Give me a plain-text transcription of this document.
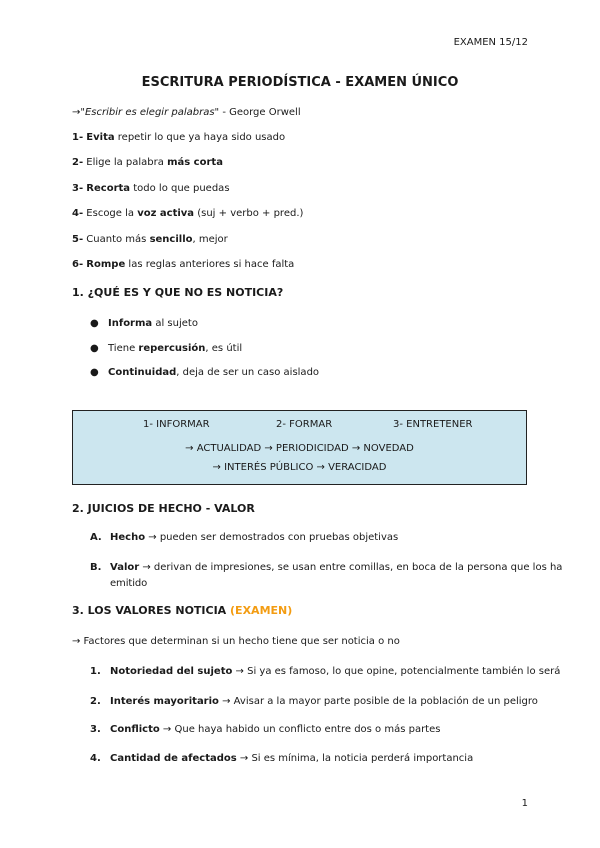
EXAMEN 15/12
ESCRITURA PERIODÍSTICA - EXAMEN ÚNICO
→"Escribir es elegir palabras" - George Orwell
1- Evita repetir lo que ya haya sido usado
2- Elige la palabra más corta
3- Recorta todo lo que puedas
4- Escoge la voz activa (suj + verbo + pred.)
5- Cuanto más sencillo, mejor
6- Rompe las reglas anteriores si hace falta
1. ¿QUÉ ES Y QUE NO ES NOTICIA?
● Informa al sujeto
● Tiene repercusión, es útil
● Continuidad, deja de ser un caso aislado
1- INFORMAR	2- FORMAR	3- ENTRETENER
→ ACTUALIDAD → PERIODICIDAD → NOVEDAD
→ INTERÉS PÚBLICO → VERACIDAD
2. JUICIOS DE HECHO - VALOR
A. Hecho → pueden ser demostrados con pruebas objetivas
B. Valor → derivan de impresiones, se usan entre comillas, en boca de la persona que los ha
emitido
3. LOS VALORES NOTICIA (EXAMEN)
→ Factores que determinan si un hecho tiene que ser noticia o no
1. Notoriedad del sujeto → Si ya es famoso, lo que opine, potencialmente también lo será
2. Interés mayoritario → Avisar a la mayor parte posible de la población de un peligro
3. Conflicto → Que haya habido un conflicto entre dos o más partes
4. Cantidad de afectados → Si es mínima, la noticia perderá importancia
1
